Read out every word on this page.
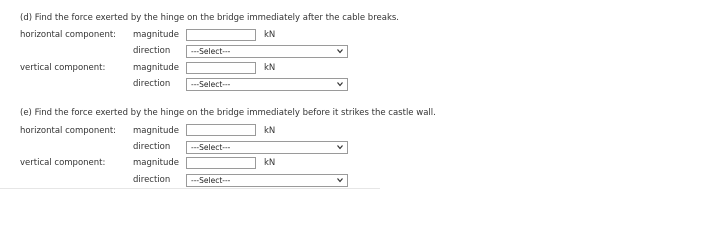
(d) Find the force exerted by the hinge on the bridge immediately after the cable breaks.
horizontal component: magnitude	kN
direction	---Select---
vertical component:	magnitude	kN
direction	---Select---
(e) Find the force exerted by the hinge on the bridge immediately before it strikes the castle wall.
horizontal component: magnitude	kN
direction	---Select---
vertical component:	magnitude	kN
direction	---Select---
